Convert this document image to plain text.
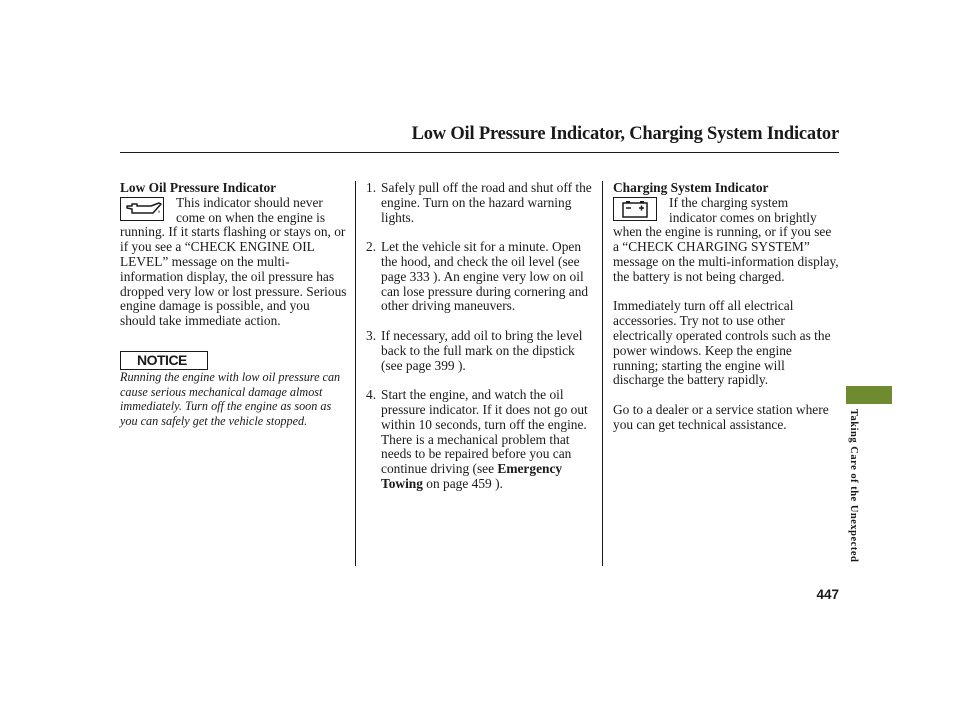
Low Oil Pressure Indicator, Charging System Indicator

Low Oil Pressure Indicator

This indicator should never come on when the engine is running. If it starts flashing or stays on, or if you see a “CHECK ENGINE OIL LEVEL” message on the multi-information display, the oil pressure has dropped very low or lost pressure. Serious engine damage is possible, and you should take immediate action.

NOTICE

Running the engine with low oil pressure can cause serious mechanical damage almost immediately. Turn off the engine as soon as you can safely get the vehicle stopped.

1. Safely pull off the road and shut off the engine. Turn on the hazard warning lights.
2. Let the vehicle sit for a minute. Open the hood, and check the oil level (see page 333 ). An engine very low on oil can lose pressure during cornering and other driving maneuvers.
3. If necessary, add oil to bring the level back to the full mark on the dipstick (see page 399 ).
4. Start the engine, and watch the oil pressure indicator. If it does not go out within 10 seconds, turn off the engine. There is a mechanical problem that needs to be repaired before you can continue driving (see Emergency Towing on page 459 ).

Charging System Indicator

If the charging system indicator comes on brightly when the engine is running, or if you see a “CHECK CHARGING SYSTEM” message on the multi-information display, the battery is not being charged.

Immediately turn off all electrical accessories. Try not to use other electrically operated controls such as the power windows. Keep the engine running; starting the engine will discharge the battery rapidly.

Go to a dealer or a service station where you can get technical assistance.	Taking Care of the Unexpected
447
